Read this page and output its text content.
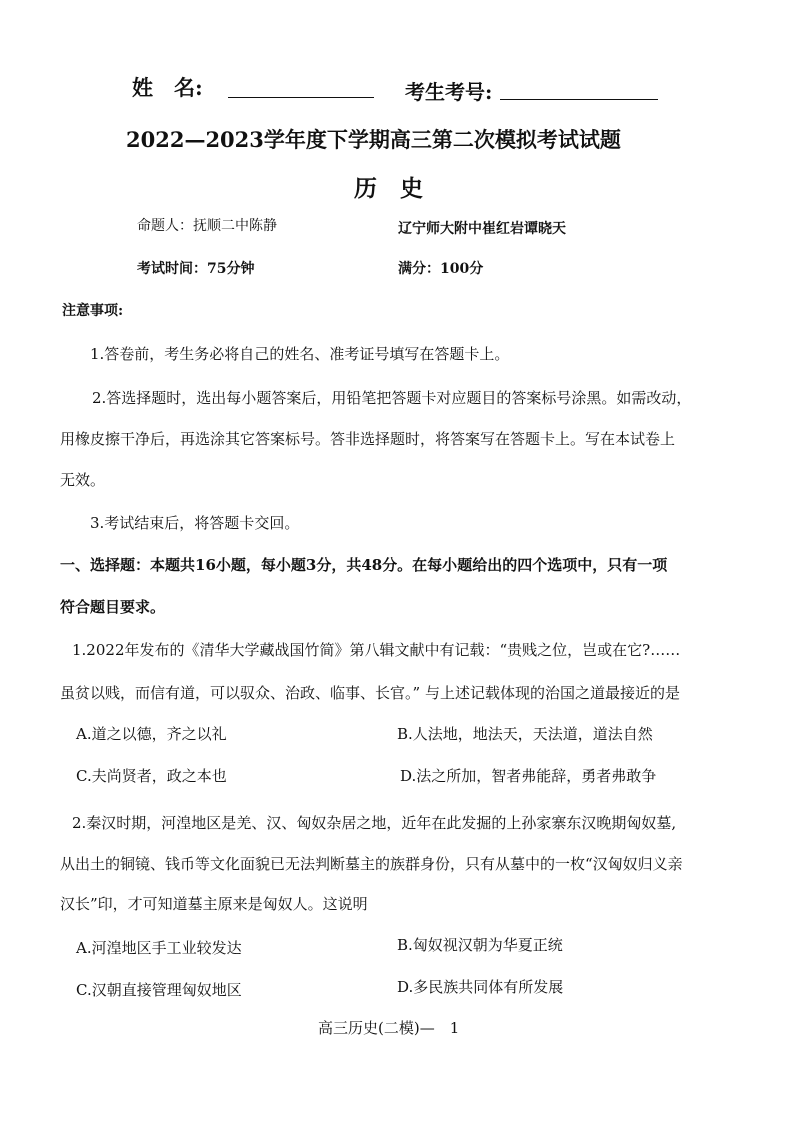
姓　名:	考生考号:
2022—2023学年度下学期高三第二次模拟考试试题
历　史
命题人：抚顺二中陈静	辽宁师大附中崔红岩谭晓天
考试时间：75分钟	满分：100分
注意事项:
1.答卷前，考生务必将自己的姓名、准考证号填写在答题卡上。
2.答选择题时，选出每小题答案后，用铅笔把答题卡对应题目的答案标号涂黑。如需改动，
用橡皮擦干净后，再选涂其它答案标号。答非选择题时，将答案写在答题卡上。写在本试卷上
无效。
3.考试结束后，将答题卡交回。
一、选择题：本题共16小题，每小题3分，共48分。在每小题给出的四个选项中，只有一项
符合题目要求。
1.2022年发布的《清华大学藏战国竹简》第八辑文献中有记载：“贵贱之位，岂或在它?……
虽贫以贱，而信有道，可以驭众、治政、临事、长官。” 与上述记载体现的治国之道最接近的是
A.道之以德，齐之以礼	B.人法地，地法天，天法道，道法自然
C.夫尚贤者，政之本也	D.法之所加，智者弗能辞，勇者弗敢争
2.秦汉时期，河湟地区是羌、汉、匈奴杂居之地，近年在此发掘的上孙家寨东汉晚期匈奴墓,
从出土的铜镜、钱币等文化面貌已无法判断墓主的族群身份，只有从墓中的一枚“汉匈奴归义亲
汉长”印，才可知道墓主原来是匈奴人。这说明
A.河湟地区手工业较发达	B.匈奴视汉朝为华夏正统
C.汉朝直接管理匈奴地区	D.多民族共同体有所发展
高三历史(二模)—　1
